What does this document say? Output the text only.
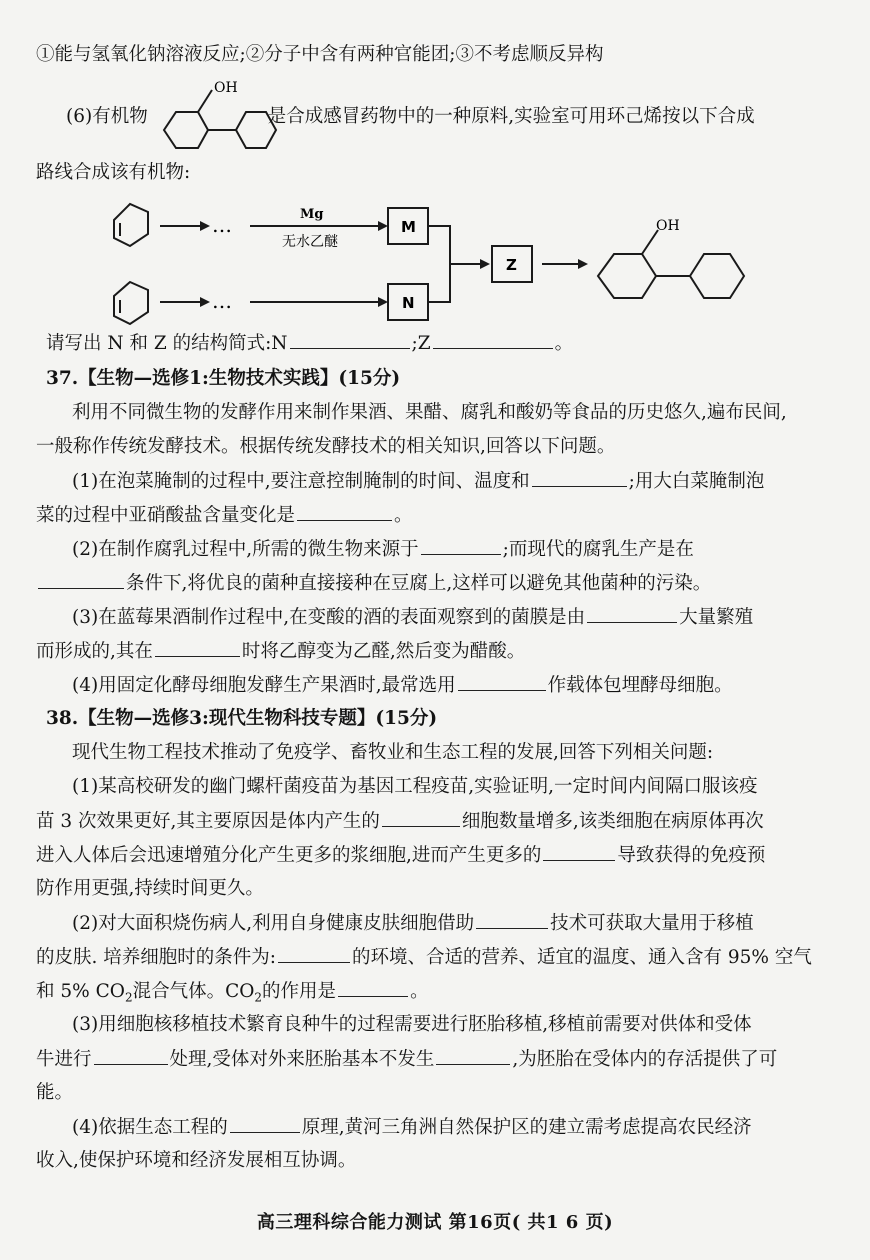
①能与氢氧化钠溶液反应;②分子中含有两种官能团;③不考虑顺反异构
(6)有机物	是合成感冒药物中的一种原料,实验室可用环己烯按以下合成
OH
路线合成该有机物:
…	Mg
无水乙醚
M
…	N
Z
OH
请写出 N 和 Z 的结构简式:N	;Z	。
37.【生物—选修1:生物技术实践】(15分)
利用不同微生物的发酵作用来制作果酒、果醋、腐乳和酸奶等食品的历史悠久,遍布民间,
一般称作传统发酵技术。根据传统发酵技术的相关知识,回答以下问题。
(1)在泡菜腌制的过程中,要注意控制腌制的时间、温度和	;用大白菜腌制泡
菜的过程中亚硝酸盐含量变化是	。
(2)在制作腐乳过程中,所需的微生物来源于	;而现代的腐乳生产是在
条件下,将优良的菌种直接接种在豆腐上,这样可以避免其他菌种的污染。
(3)在蓝莓果酒制作过程中,在变酸的酒的表面观察到的菌膜是由	大量繁殖
而形成的,其在	时将乙醇变为乙醛,然后变为醋酸。
(4)用固定化酵母细胞发酵生产果酒时,最常选用	作载体包埋酵母细胞。
38.【生物—选修3:现代生物科技专题】(15分)
现代生物工程技术推动了免疫学、畜牧业和生态工程的发展,回答下列相关问题:
(1)某高校研发的幽门螺杆菌疫苗为基因工程疫苗,实验证明,一定时间内间隔口服该疫
苗 3 次效果更好,其主要原因是体内产生的	细胞数量增多,该类细胞在病原体再次
进入人体后会迅速增殖分化产生更多的浆细胞,进而产生更多的	导致获得的免疫预
防作用更强,持续时间更久。
(2)对大面积烧伤病人,利用自身健康皮肤细胞借助	技术可获取大量用于移植
的皮肤. 培养细胞时的条件为:	的环境、合适的营养、适宜的温度、通入含有 95% 空气
和 5% $CO_2$混合气体。$CO_2$的作用是	。
(3)用细胞核移植技术繁育良种牛的过程需要进行胚胎移植,移植前需要对供体和受体
牛进行	处理,受体对外来胚胎基本不发生	,为胚胎在受体内的存活提供了可
能。
(4)依据生态工程的	原理,黄河三角洲自然保护区的建立需考虑提高农民经济
收入,使保护环境和经济发展相互协调。
高三理科综合能力测试 第16页( 共1 6 页)
